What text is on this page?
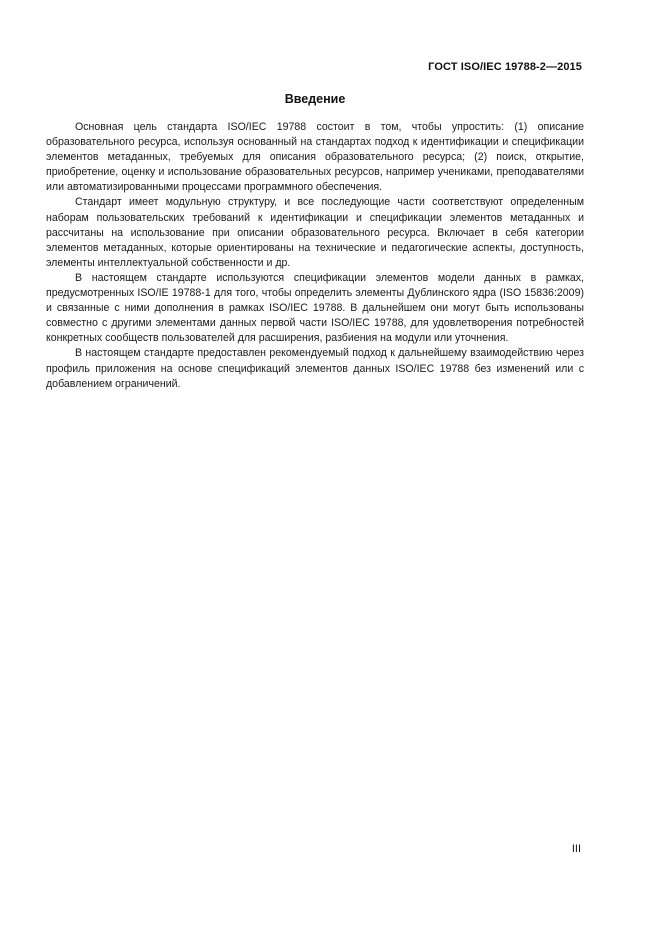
ГОСТ ISO/IEC 19788-2—2015
Введение

Основная цель стандарта ISO/IEC 19788 состоит в том, чтобы упростить: (1) описание образовательного ресурса, используя основанный на стандартах подход к идентификации и спецификации элементов метаданных, требуемых для описания образовательного ресурса; (2) поиск, открытие, приобретение, оценку и использование образовательных ресурсов, например учениками, преподавателями или автоматизированными процессами программного обеспечения.

Стандарт имеет модульную структуру, и все последующие части соответствуют определенным наборам пользовательских требований к идентификации и спецификации элементов метаданных и рассчитаны на использование при описании образовательного ресурса. Включает в себя категории элементов метаданных, которые ориентированы на технические и педагогические аспекты, доступность, элементы интеллектуальной собственности и др.

В настоящем стандарте используются спецификации элементов модели данных в рамках, предусмотренных ISO/IE 19788-1 для того, чтобы определить элементы Дублинского ядра (ISO 15836:2009) и связанные с ними дополнения в рамках ISO/IEC 19788. В дальнейшем они могут быть использованы совместно с другими элементами данных первой части ISO/IEC 19788, для удовлетворения потребностей конкретных сообществ пользователей для расширения, разбиения на модули или уточнения.

В настоящем стандарте предоставлен рекомендуемый подход к дальнейшему взаимодействию через профиль приложения на основе спецификаций элементов данных ISO/IEC 19788 без изменений или с добавлением ограничений.

III
